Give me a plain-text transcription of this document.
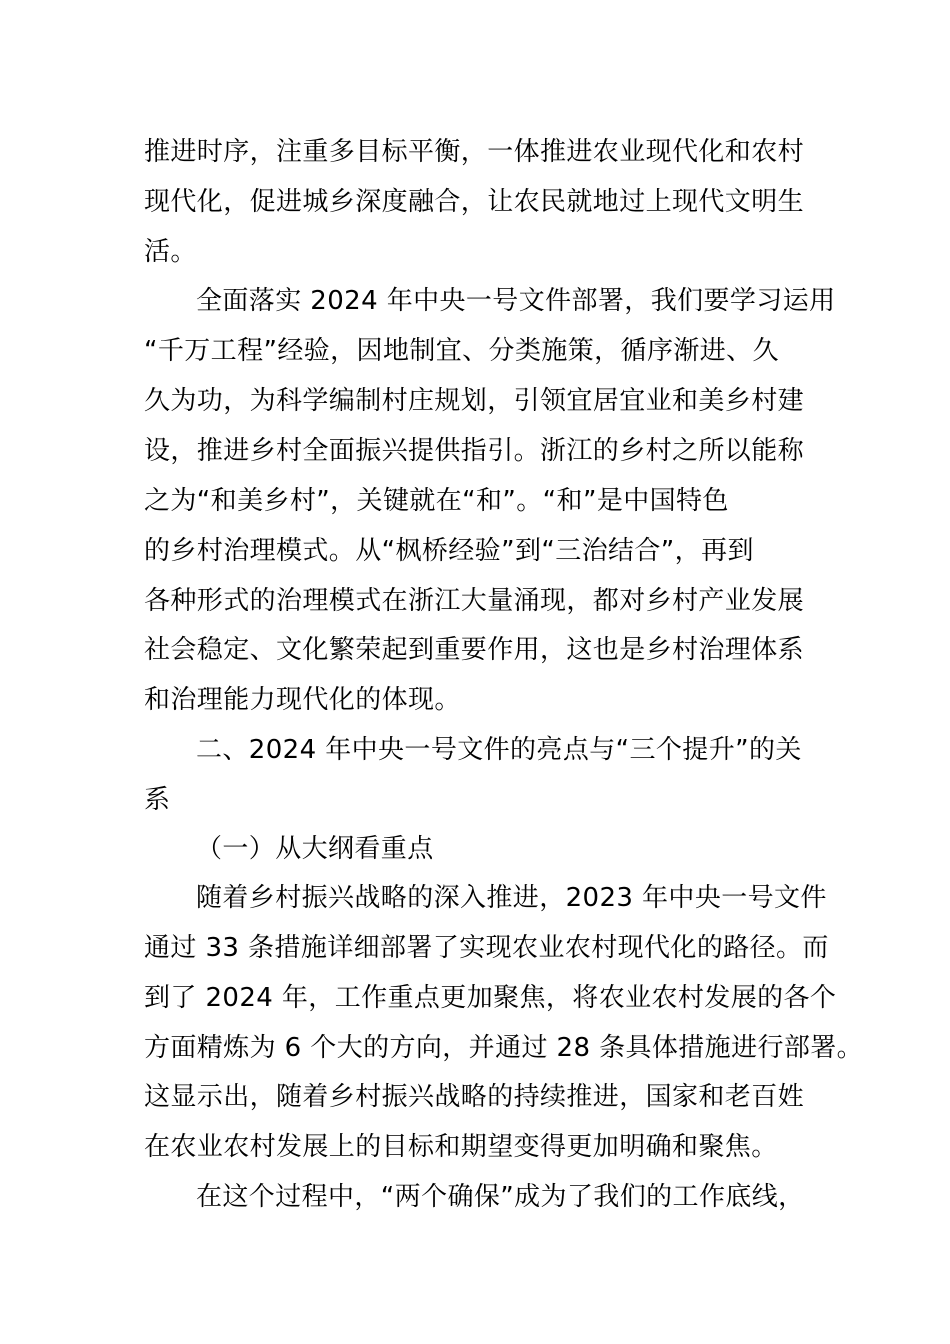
推进时序，注重多目标平衡，一体推进农业现代化和农村
现代化，促进城乡深度融合，让农民就地过上现代文明生
活。
全面落实 2024 年中央一号文件部署，我们要学习运用
“千万工程”经验，因地制宜、分类施策，循序渐进、久
久为功，为科学编制村庄规划，引领宜居宜业和美乡村建
设，推进乡村全面振兴提供指引。浙江的乡村之所以能称
之为“和美乡村”，关键就在“和”。“和”是中国特色
的乡村治理模式。从“枫桥经验”到“三治结合”，再到
各种形式的治理模式在浙江大量涌现，都对乡村产业发展
社会稳定、文化繁荣起到重要作用，这也是乡村治理体系
和治理能力现代化的体现。
二、2024 年中央一号文件的亮点与“三个提升”的关
系
（一）从大纲看重点
随着乡村振兴战略的深入推进，2023 年中央一号文件
通过 33 条措施详细部署了实现农业农村现代化的路径。而
到了 2024 年，工作重点更加聚焦，将农业农村发展的各个
方面精炼为 6 个大的方向，并通过 28 条具体措施进行部署。
这显示出，随着乡村振兴战略的持续推进，国家和老百姓
在农业农村发展上的目标和期望变得更加明确和聚焦。
在这个过程中，“两个确保”成为了我们的工作底线，
